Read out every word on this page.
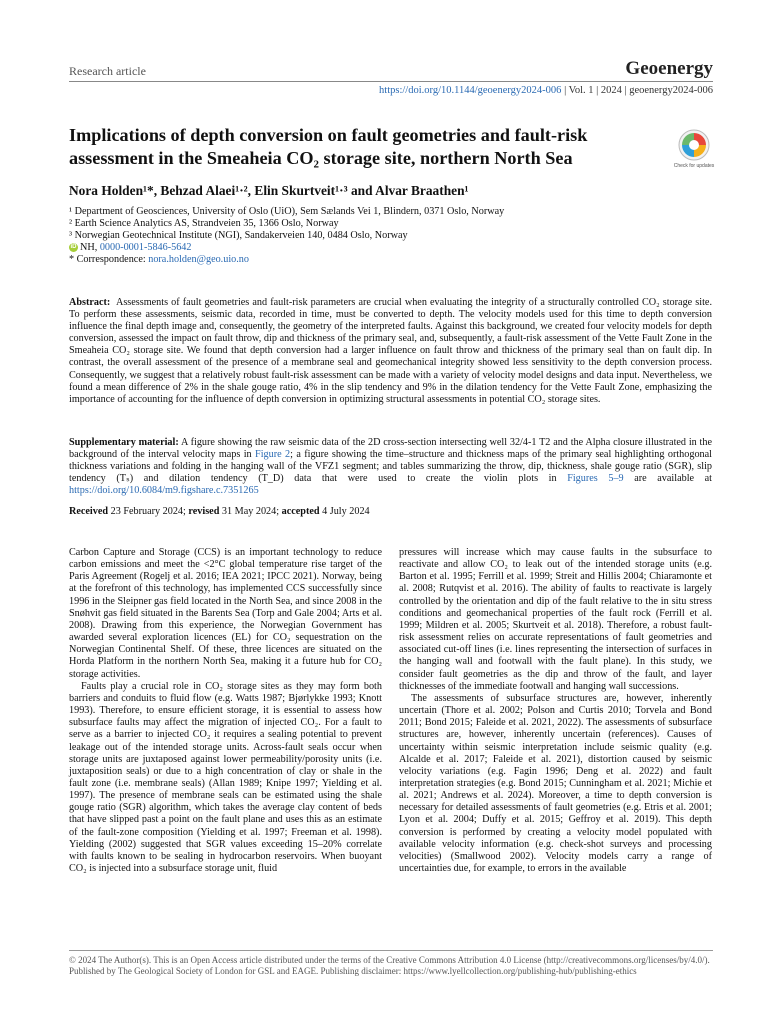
Research article	Geoenergy
https://doi.org/10.1144/geoenergy2024-006 | Vol. 1 | 2024 | geoenergy2024-006
Implications of depth conversion on fault geometries and fault-risk assessment in the Smeaheia CO₂ storage site, northern North Sea	Check for updates
Nora Holden¹*, Behzad Alaei¹·², Elin Skurtveit¹·³ and Alvar Braathen¹
¹ Department of Geosciences, University of Oslo (UiO), Sem Sælands Vei 1, Blindern, 0371 Oslo, Norway
² Earth Science Analytics AS, Strandveien 35, 1366 Oslo, Norway
³ Norwegian Geotechnical Institute (NGI), Sandakerveien 140, 0484 Oslo, Norway
iD NH, 0000-0001-5846-5642
* Correspondence: nora.holden@geo.uio.no
Abstract: Assessments of fault geometries and fault-risk parameters are crucial when evaluating the integrity of a structurally controlled CO₂ storage site. To perform these assessments, seismic data, recorded in time, must be converted to depth. The velocity models used for this time to depth conversion influence the final depth image and, consequently, the geometry of the interpreted faults. Against this background, we created four velocity models for depth conversion, assessed the impact on fault throw, dip and thickness of the primary seal, and, subsequently, a fault-risk assessment of the Vette Fault Zone in the Smeaheia CO₂ storage site. We found that depth conversion had a larger influence on fault throw and thickness of the primary seal than on fault dip. In contrast, the overall assessment of the presence of a membrane seal and geomechanical integrity showed less sensitivity to the depth conversion process. Consequently, we suggest that a relatively robust fault-risk assessment can be made with a variety of velocity model designs and data input. Nevertheless, we found a mean difference of 2% in the shale gouge ratio, 4% in the slip tendency and 9% in the dilation tendency for the Vette Fault Zone, emphasizing the importance of accounting for the influence of depth conversion in optimizing structural assessments in potential CO₂ storage sites.
Supplementary material: A figure showing the raw seismic data of the 2D cross-section intersecting well 32/4-1 T2 and the Alpha closure illustrated in the background of the interval velocity maps in Figure 2; a figure showing the time–structure and thickness maps of the primary seal highlighting orthogonal thickness variations and folding in the hanging wall of the VFZ1 segment; and tables summarizing the throw, dip, thickness, shale gouge ratio (SGR), slip tendency (Tₛ) and dilation tendency (T_D) data that were used to create the violin plots in Figures 5–9 are available at https://doi.org/10.6084/m9.figshare.c.7351265
Received 23 February 2024; revised 31 May 2024; accepted 4 July 2024

Carbon Capture and Storage (CCS) is an important technology to reduce carbon emissions and meet the <2°C global temperature rise target of the Paris Agreement (Rogelj et al. 2016; IEA 2021; IPCC 2021). Norway, being at the forefront of this technology, has implemented CCS successfully since 1996 in the Sleipner gas field located in the North Sea, and since 2008 in the Snøhvit gas field situated in the Barents Sea (Torp and Gale 2004; Arts et al. 2008). Drawing from this experience, the Norwegian Government has awarded several exploration licences (EL) for CO₂ sequestration on the Norwegian Continental Shelf. Of these, three licences are situated on the Horda Platform in the northern North Sea, making it a future hub for CO₂ storage activities.

Faults play a crucial role in CO₂ storage sites as they may form both barriers and conduits to fluid flow (e.g. Watts 1987; Bjørlykke 1993; Knott 1993). Therefore, to ensure efficient storage, it is essential to assess how subsurface faults may affect the migration of injected CO₂. For a fault to serve as a barrier to injected CO₂ it requires a sealing potential to prevent leakage out of the intended storage units. Across-fault seals occur when storage units are juxtaposed against lower permeability/porosity units (i.e. juxtaposition seals) or due to a high concentration of clay or shale in the fault zone (i.e. membrane seals) (Allan 1989; Knipe 1997; Yielding et al. 1997). The presence of membrane seals can be estimated using the shale gouge ratio (SGR) algorithm, which takes the average clay content of beds that have slipped past a point on the fault plane and uses this as an estimate of the fault-zone composition (Yielding et al. 1997; Freeman et al. 1998). Yielding (2002) suggested that SGR values exceeding 15–20% correlate with faults known to be sealing in hydrocarbon reservoirs. When buoyant CO₂ is injected into a subsurface storage unit, fluid

pressures will increase which may cause faults in the subsurface to reactivate and allow CO₂ to leak out of the intended storage units (e.g. Barton et al. 1995; Ferrill et al. 1999; Streit and Hillis 2004; Chiaramonte et al. 2008; Rutqvist et al. 2016). The ability of faults to reactivate is largely controlled by the orientation and dip of the fault relative to the in situ stress conditions and geomechanical properties of the fault rock (Ferrill et al. 1999; Mildren et al. 2005; Skurtveit et al. 2018). Therefore, a robust fault-risk assessment relies on accurate representations of fault geometries and associated cut-off lines (i.e. lines representing the intersection of surfaces in the hanging wall and footwall with the fault plane). In this study, we consider fault geometries as the dip and throw of the fault, and layer thicknesses of the immediate footwall and hanging wall successions.

The assessments of subsurface structures are, however, inherently uncertain (Thore et al. 2002; Polson and Curtis 2010; Torvela and Bond 2011; Bond 2015; Faleide et al. 2021, 2022). The assessments of subsurface structures are, however, inherently uncertain (references). Causes of uncertainty within seismic interpretation include seismic quality (e.g. Alcalde et al. 2017; Faleide et al. 2021), distortion caused by seismic velocity variations (e.g. Fagin 1996; Deng et al. 2022) and fault interpretation strategies (e.g. Bond 2015; Cunningham et al. 2021; Michie et al. 2021; Andrews et al. 2024). Moreover, a time to depth conversion is necessary for detailed assessments of fault geometries (e.g. Etris et al. 2001; Lyon et al. 2004; Duffy et al. 2015; Geffroy et al. 2019). This depth conversion is performed by creating a velocity model populated with available velocity information (e.g. check-shot surveys and processing velocities) (Smallwood 2002). Velocity models carry a range of uncertainties due, for example, to errors in the available

© 2024 The Author(s). This is an Open Access article distributed under the terms of the Creative Commons Attribution 4.0 License (http://creativecommons.org/licenses/by/4.0/). Published by The Geological Society of London for GSL and EAGE. Publishing disclaimer: https://www.lyellcollection.org/publishing-hub/publishing-ethics
